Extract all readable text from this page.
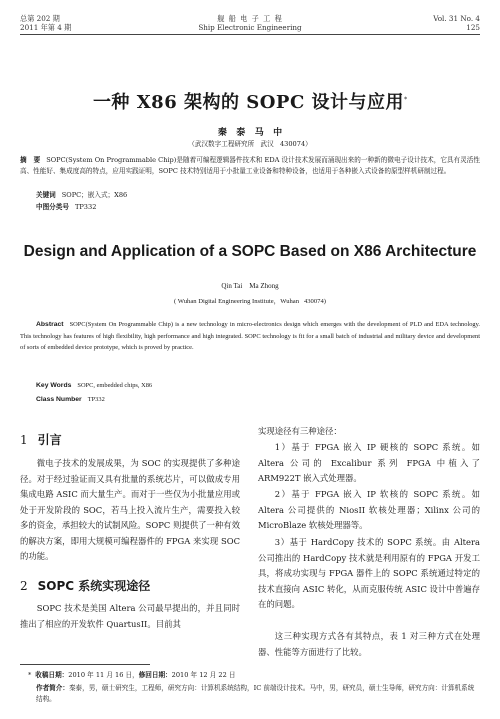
总第 202 期
2011 年第 4 期
舰 船 电 子 工 程
Ship Electronic Engineering
Vol. 31 No. 4
125
一种 X86 架构的 SOPC 设计与应用*
秦   泰   马   中
（武汉数字工程研究所   武汉   430074）
摘   要 SOPC(System On Programmable Chip)是随着可编程逻辑器件技术和 EDA 设计技术发展而涌现出来的一种新的微电子设计技术，它具有灵活性高、性能好、集成度高的特点，应用实践证明，SOPC 技术特别适用于小批量工业设备和特种设备，也适用于各种嵌入式设备的原型样机研制过程。
关键词 SOPC；嵌入式；X86
中图分类号 TP332
Design and Application of a SOPC Based on X86 Architecture
Qin Tai    Ma Zhong
( Wuhan Digital Engineering Institute，Wuhan   430074)
Abstract SOPC(System On Programmable Chip) is a new technology in micro-electronics design which emerges with the development of PLD and EDA technology. This technology has features of high flexibility, high performance and high integrated. SOPC technology is fit for a small batch of industrial and military device and development of sorts of embedded device prototype, which is proved by practice.
Key Words SOPC, embedded chips, X86
Class Number TP332
1 引言
微电子技术的发展成果，为 SOC 的实现提供了多种途径。对于经过验证而又具有批量的系统芯片，可以做成专用集成电路 ASIC 而大量生产。而对于一些仅为小批量应用或处于开发阶段的 SOC，若马上投入流片生产，需要投入较多的资金，承担较大的试制风险。SOPC 则提供了一种有效的解决方案，即用大规模可编程器件的 FPGA 来实现 SOC 的功能。
2 SOPC 系统实现途径
SOPC 技术是美国 Altera 公司最早提出的，并且同时推出了相应的开发软件 QuartusII。目前其
实现途径有三种途径：
1）基于 FPGA 嵌入 IP 硬核的 SOPC 系统。如 Altera 公司的 Excalibur 系列 FPGA 中植入了 ARM922T 嵌入式处理器。
2）基于 FPGA 嵌入 IP 软核的 SOPC 系统。如 Altera 公司提供的 NiosII 软核处理器；Xilinx 公司的 MicroBlaze 软核处理器等。
3）基于 HardCopy 技术的 SOPC 系统。由 Altera 公司推出的 HardCopy 技术就是利用原有的 FPGA 开发工具，将成功实现与 FPGA 器件上的 SOPC 系统通过特定的技术直接向 ASIC 转化，从而克服传统 ASIC 设计中普遍存在的问题。
这三种实现方式各有其特点，表 1 对三种方式在处理器、性能等方面进行了比较。
* 收稿日期：2010 年 11 月 16 日，修回日期：2010 年 12 月 22 日
作者简介：秦泰，男，硕士研究生，工程师，研究方向：计算机系统结构，IC 前端设计技术。马中，男，研究员，硕士生导师，研究方向：计算机系统结构。
